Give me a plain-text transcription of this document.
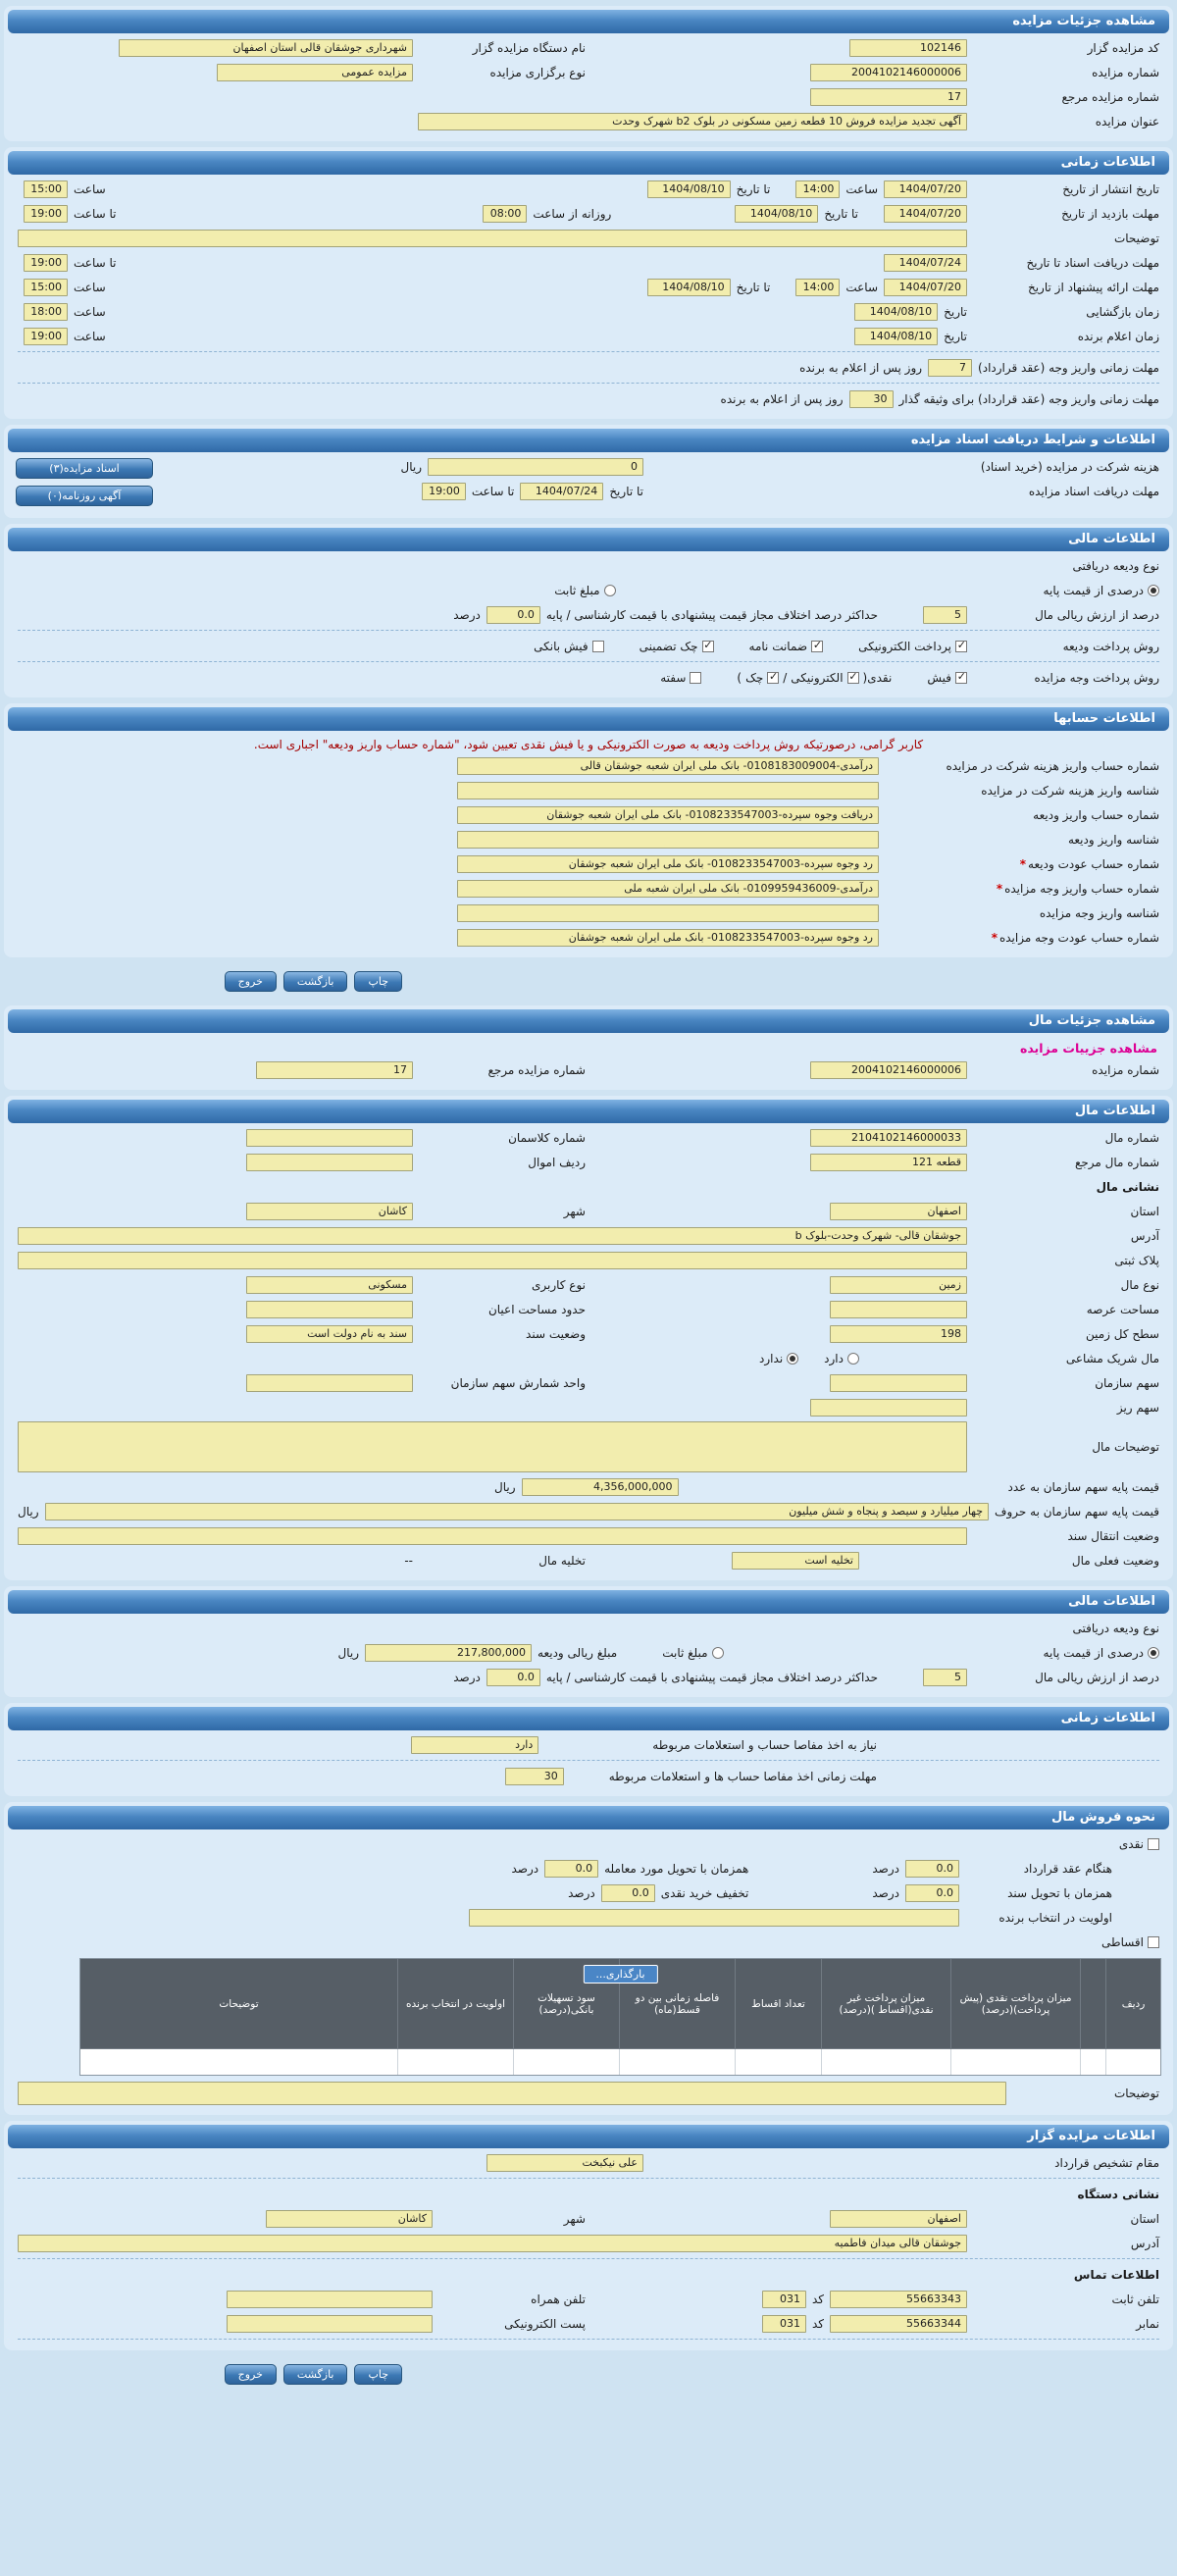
مشاهده جزئیات مزایده
کد مزایده گزار
102146
نام دستگاه مزایده گزار
شهرداری جوشقان قالی استان اصفهان
شماره مزایده
2004102146000006
نوع برگزاری مزایده
مزایده عمومی
شماره مزایده مرجع
17
عنوان مزایده
آگهی تجدید مزایده فروش 10 قطعه زمین مسکونی در بلوک b2 شهرک وحدت
اطلاعات زمانی
تاریخ انتشار از تاریخ
1404/07/20
ساعت
14:00
تا تاریخ
1404/08/10
ساعت
15:00
مهلت بازدید از تاریخ
1404/07/20
تا تاریخ
1404/08/10
روزانه از ساعت
08:00
تا ساعت
19:00
توضیحات
مهلت دریافت اسناد تا تاریخ
1404/07/24
تا ساعت
19:00
مهلت ارائه پیشنهاد از تاریخ
1404/07/20
ساعت
14:00
تا تاریخ
1404/08/10
ساعت
15:00
زمان بازگشایی
تاریخ
1404/08/10
ساعت
18:00
زمان اعلام برنده
تاریخ
1404/08/10
ساعت
19:00
مهلت زمانی واریز وجه (عقد قرارداد)
7
روز پس از اعلام به برنده
مهلت زمانی واریز وجه (عقد قرارداد) برای وثیقه گذار
30
روز پس از اعلام به برنده
اطلاعات و شرایط دریافت اسناد مزایده
هزینه شرکت در مزایده (خرید اسناد)
0
ریال
مهلت دریافت اسناد مزایده
تا تاریخ
1404/07/24
تا ساعت
19:00
اسناد مزایده(۳)
آگهی روزنامه(۰)
اطلاعات مالی
نوع ودیعه دریافتی
درصدی از قیمت پایه
مبلغ ثابت
درصد از ارزش ریالی مال
5
حداکثر درصد اختلاف مجاز قیمت پیشنهادی با قیمت کارشناسی / پایه
0.0
درصد
روش پرداخت ودیعه
✓
پرداخت الکترونیکی
✓
ضمانت نامه
✓
چک تضمینی
فیش بانکی
روش پرداخت وجه مزایده
✓
فیش
نقدی(
✓
الکترونیکی
/
✓
چک
)
سفته
اطلاعات حسابها
کاربر گرامی، درصورتیکه روش پرداخت ودیعه به صورت الکترونیکی و یا فیش نقدی تعیین شود، "شماره حساب واریز ودیعه" اجباری است.
شماره حساب واریز هزینه شرکت در مزایده
درآمدی-0108183009004- بانک ملی ایران شعبه جوشقان قالی
شناسه واریز هزینه شرکت در مزایده
شماره حساب واریز ودیعه
دریافت وجوه سپرده-0108233547003- بانک ملی ایران شعبه جوشقان
شناسه واریز ودیعه
شماره حساب عودت ودیعه
*
رد وجوه سپرده-0108233547003- بانک ملی ایران شعبه جوشقان
شماره حساب واریز وجه مزایده
*
درآمدی-0109959436009- بانک ملی ایران شعبه ملی
شناسه واریز وجه مزایده
شماره حساب عودت وجه مزایده
*
رد وجوه سپرده-0108233547003- بانک ملی ایران شعبه جوشقان
چاپ
بازگشت
خروج
مشاهده جزئیات مال
مشاهده جزییات مزایده
شماره مزایده
2004102146000006
شماره مزایده مرجع
17
اطلاعات مال
شماره مال
2104102146000033
شماره کلاسمان
شماره مال مرجع
قطعه 121
ردیف اموال
نشانی مال
استان
اصفهان
شهر
کاشان
آدرس
جوشقان قالی- شهرک وحدت-بلوک b
پلاک ثبتی
نوع مال
زمین
نوع کاربری
مسکونی
مساحت عرصه
حدود مساحت اعیان
سطح کل زمین
198
وضعیت سند
سند به نام دولت است
مال شریک مشاعی
دارد
ندارد
سهم سازمان
واحد شمارش سهم سازمان
سهم ریز
توضیحات مال
قیمت پایه سهم سازمان به عدد
4,356,000,000
ریال
قیمت پایه سهم سازمان به حروف
چهار میلیارد و سیصد و پنجاه و شش میلیون
ریال
وضعیت انتقال سند
وضعیت فعلی مال
تخلیه است
تخلیه مال
--
اطلاعات مالی
نوع ودیعه دریافتی
درصدی از قیمت پایه
مبلغ ثابت
مبلغ ریالی ودیعه
217,800,000
ریال
درصد از ارزش ریالی مال
5
حداکثر درصد اختلاف مجاز قیمت پیشنهادی با قیمت کارشناسی / پایه
0.0
درصد
اطلاعات زمانی
نیاز به اخذ مفاصا حساب و استعلامات مربوطه
دارد
مهلت زمانی اخذ مفاصا حساب ها و استعلامات مربوطه
30
نحوه فروش مال
نقدی
هنگام عقد قرارداد
0.0
درصد
همزمان با تحویل مورد معامله
0.0
درصد
همزمان با تحویل سند
0.0
درصد
تخفیف خرید نقدی
0.0
درصد
اولویت در انتخاب برنده
اقساطی
ردیف
میزان پرداخت نقدی (پیش پرداخت)(درصد)
میزان پرداخت غیر نقدی(اقساط )(درصد)
تعداد اقساط
فاصله زمانی بین دو قسط(ماه)
سود تسهیلات بانکی(درصد)
اولویت در انتخاب برنده
توضیحات
بارگذاری...
توضیحات
اطلاعات مزایده گزار
مقام تشخیص قرارداد
علی نیکبخت
نشانی دستگاه
استان
اصفهان
شهر
کاشان
آدرس
جوشقان قالی میدان فاطمیه
اطلاعات تماس
تلفن ثابت
55663343
کد
031
تلفن همراه
نمابر
55663344
کد
031
پست الکترونیکی
چاپ
بازگشت
خروج
